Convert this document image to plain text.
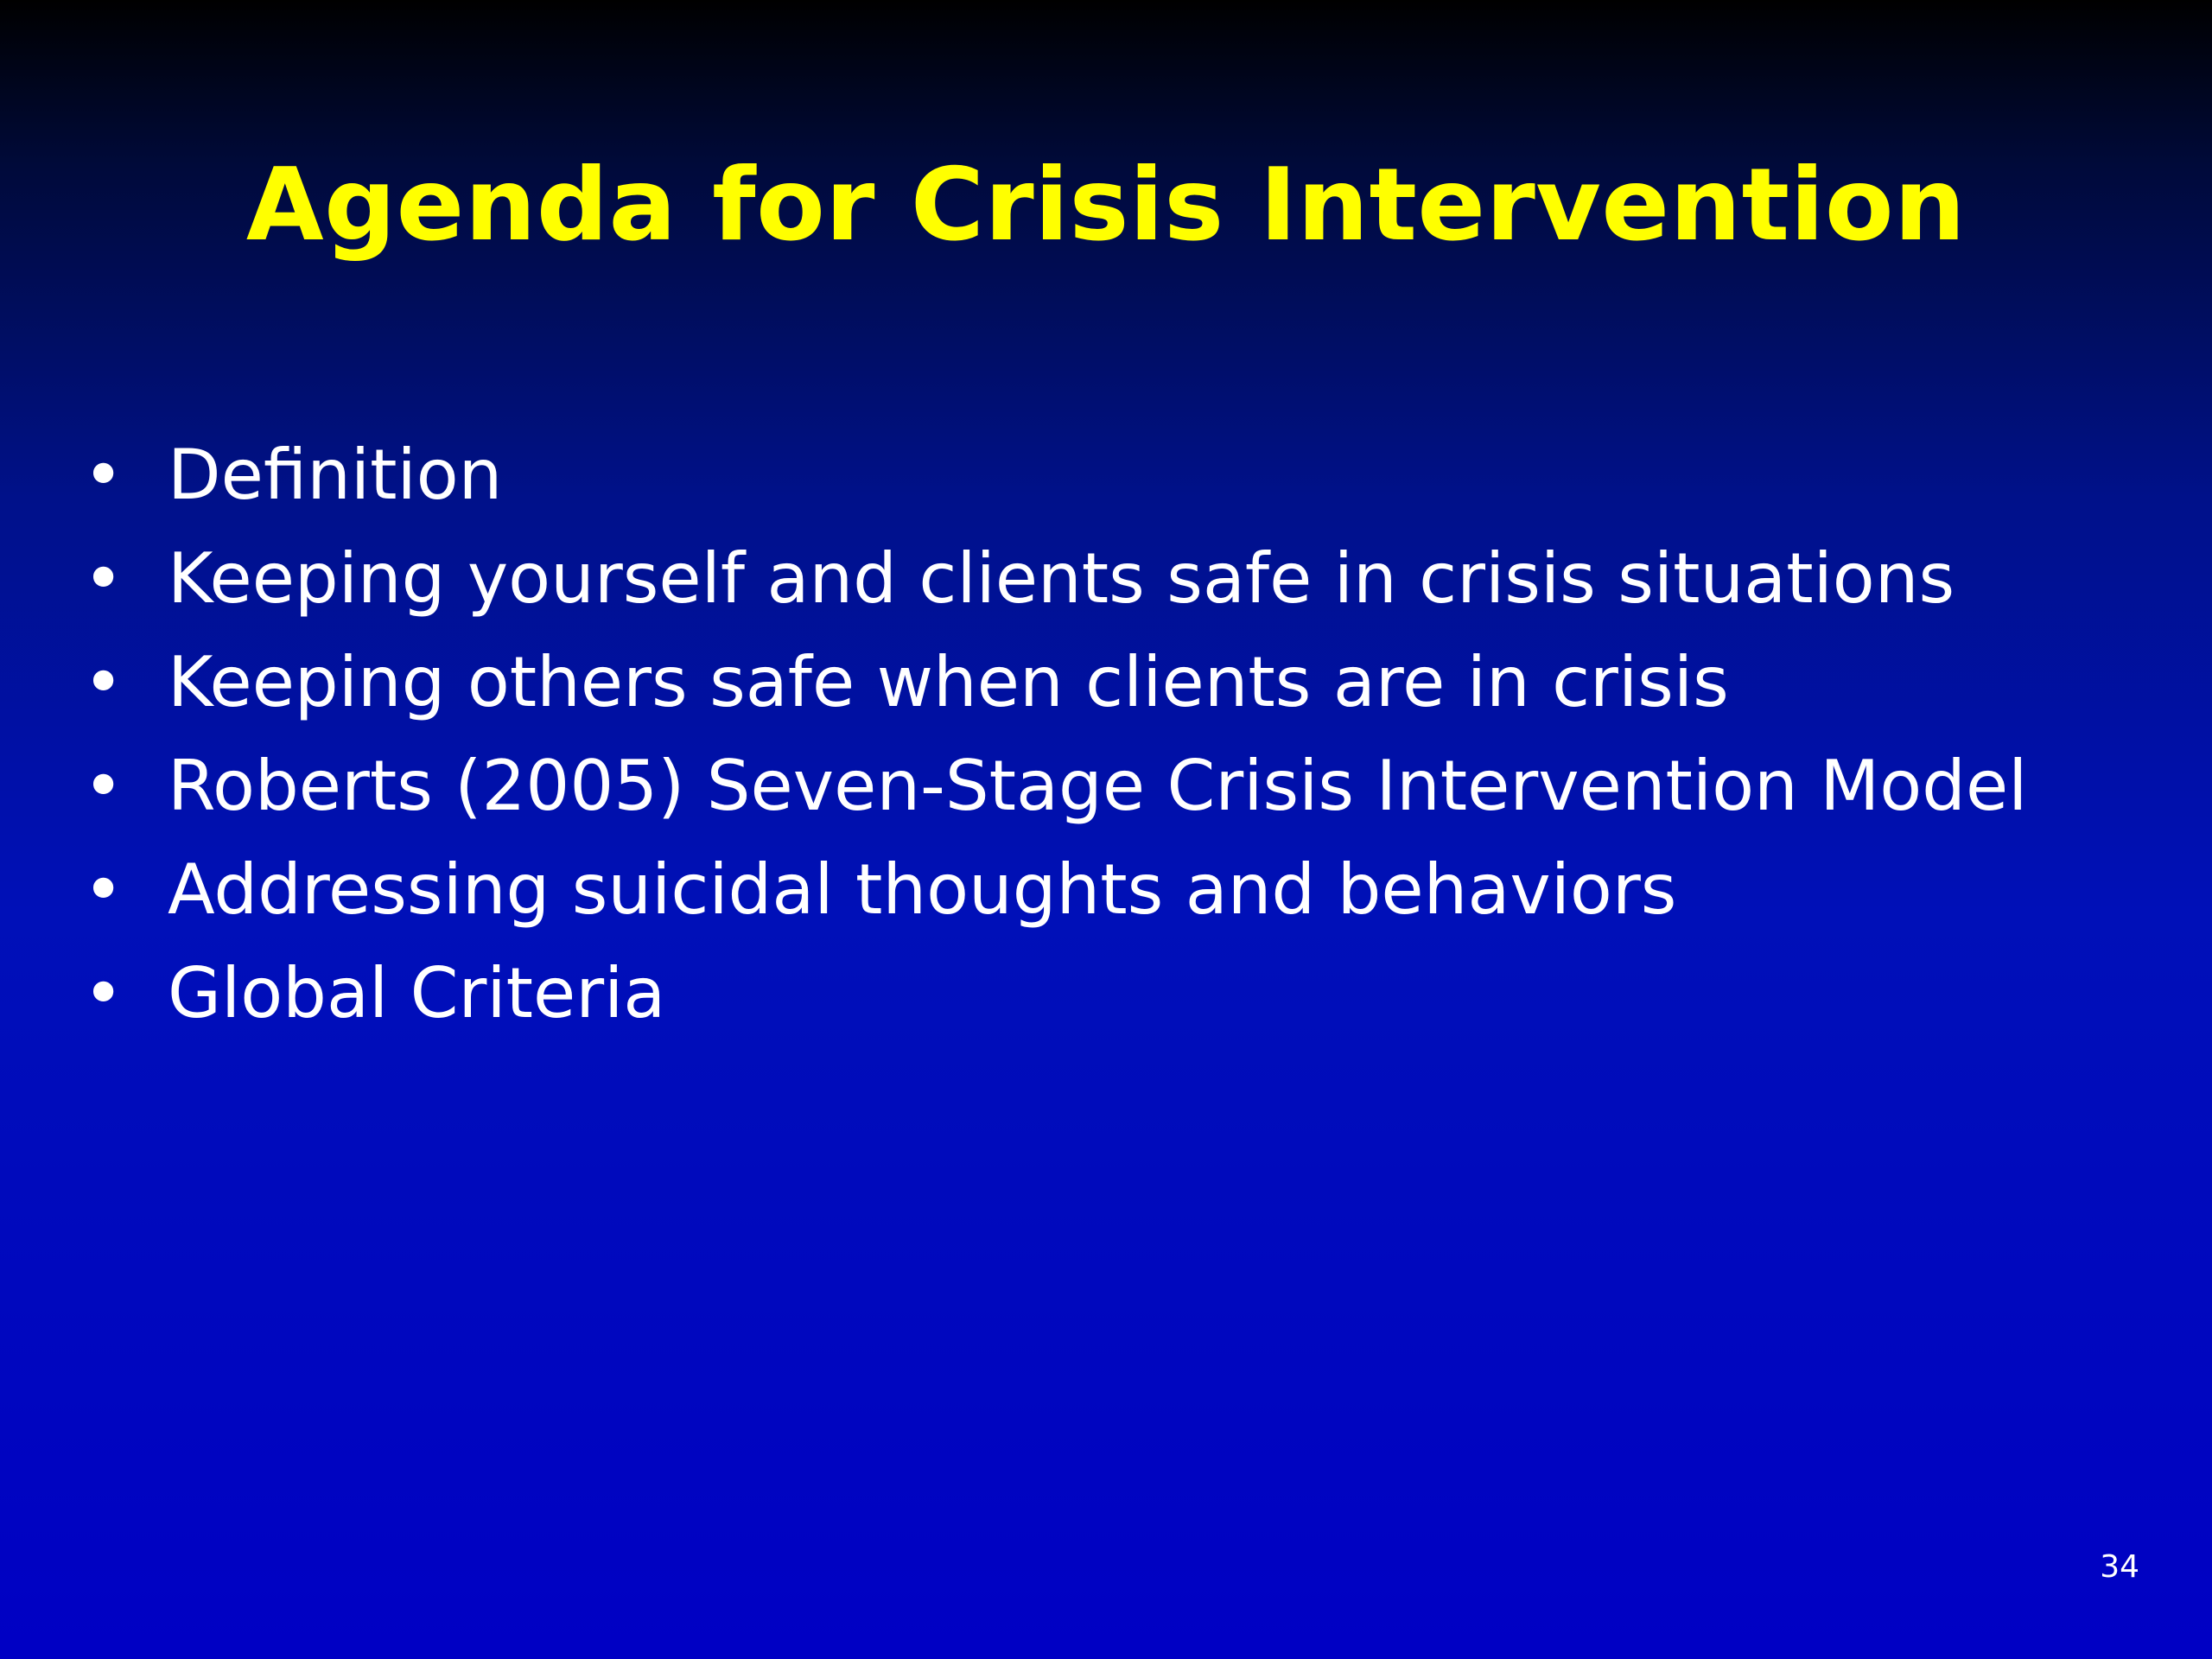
Agenda for Crisis Intervention
• Definition
• Keeping yourself and clients safe in crisis situations
• Keeping others safe when clients are in crisis
• Roberts (2005) Seven-Stage Crisis Intervention Model
• Addressing suicidal thoughts and behaviors
• Global Criteria
34
